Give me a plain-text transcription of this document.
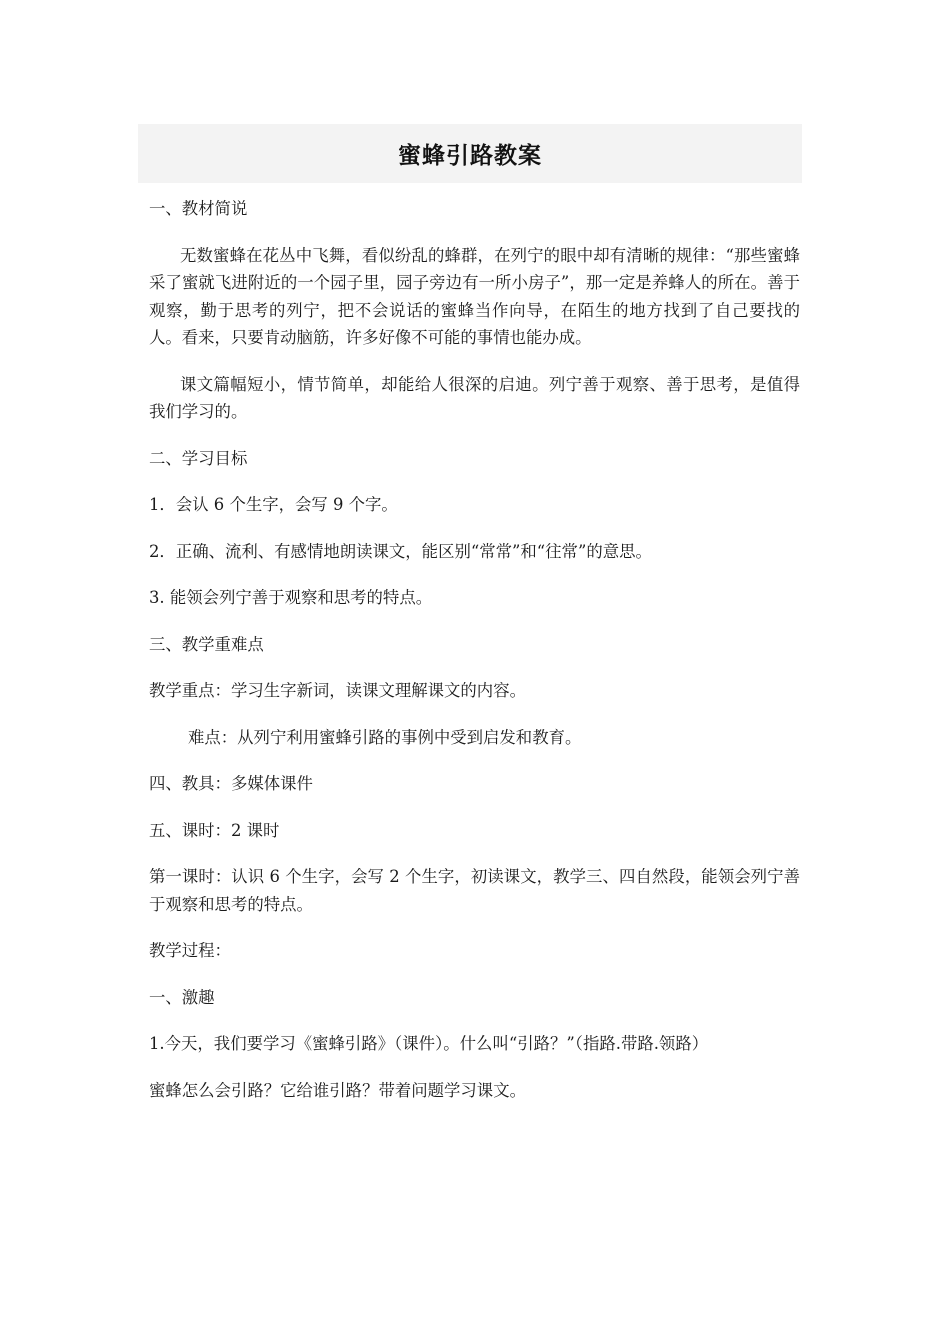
蜜蜂引路教案

一、教材简说

无数蜜蜂在花丛中飞舞，看似纷乱的蜂群，在列宁的眼中却有清晰的规律：“那些蜜蜂采了蜜就飞进附近的一个园子里，园子旁边有一所小房子”，那一定是养蜂人的所在。善于观察，勤于思考的列宁，把不会说话的蜜蜂当作向导，在陌生的地方找到了自己要找的人。看来，只要肯动脑筋，许多好像不可能的事情也能办成。

课文篇幅短小，情节简单，却能给人很深的启迪。列宁善于观察、善于思考，是值得我们学习的。

二、学习目标

1．会认 6 个生字，会写 9 个字。

2．正确、流利、有感情地朗读课文，能区别“常常”和“往常”的意思。

3. 能领会列宁善于观察和思考的特点。

三、教学重难点

教学重点：学习生字新词，读课文理解课文的内容。

难点：从列宁利用蜜蜂引路的事例中受到启发和教育。

四、教具：多媒体课件

五、课时：2 课时

第一课时：认识 6 个生字，会写 2 个生字，初读课文，教学三、四自然段，能领会列宁善于观察和思考的特点。

教学过程：

一、激趣

1.今天，我们要学习《蜜蜂引路》（课件）。什么叫“引路？”（指路.带路.领路）

蜜蜂怎么会引路？它给谁引路？带着问题学习课文。
